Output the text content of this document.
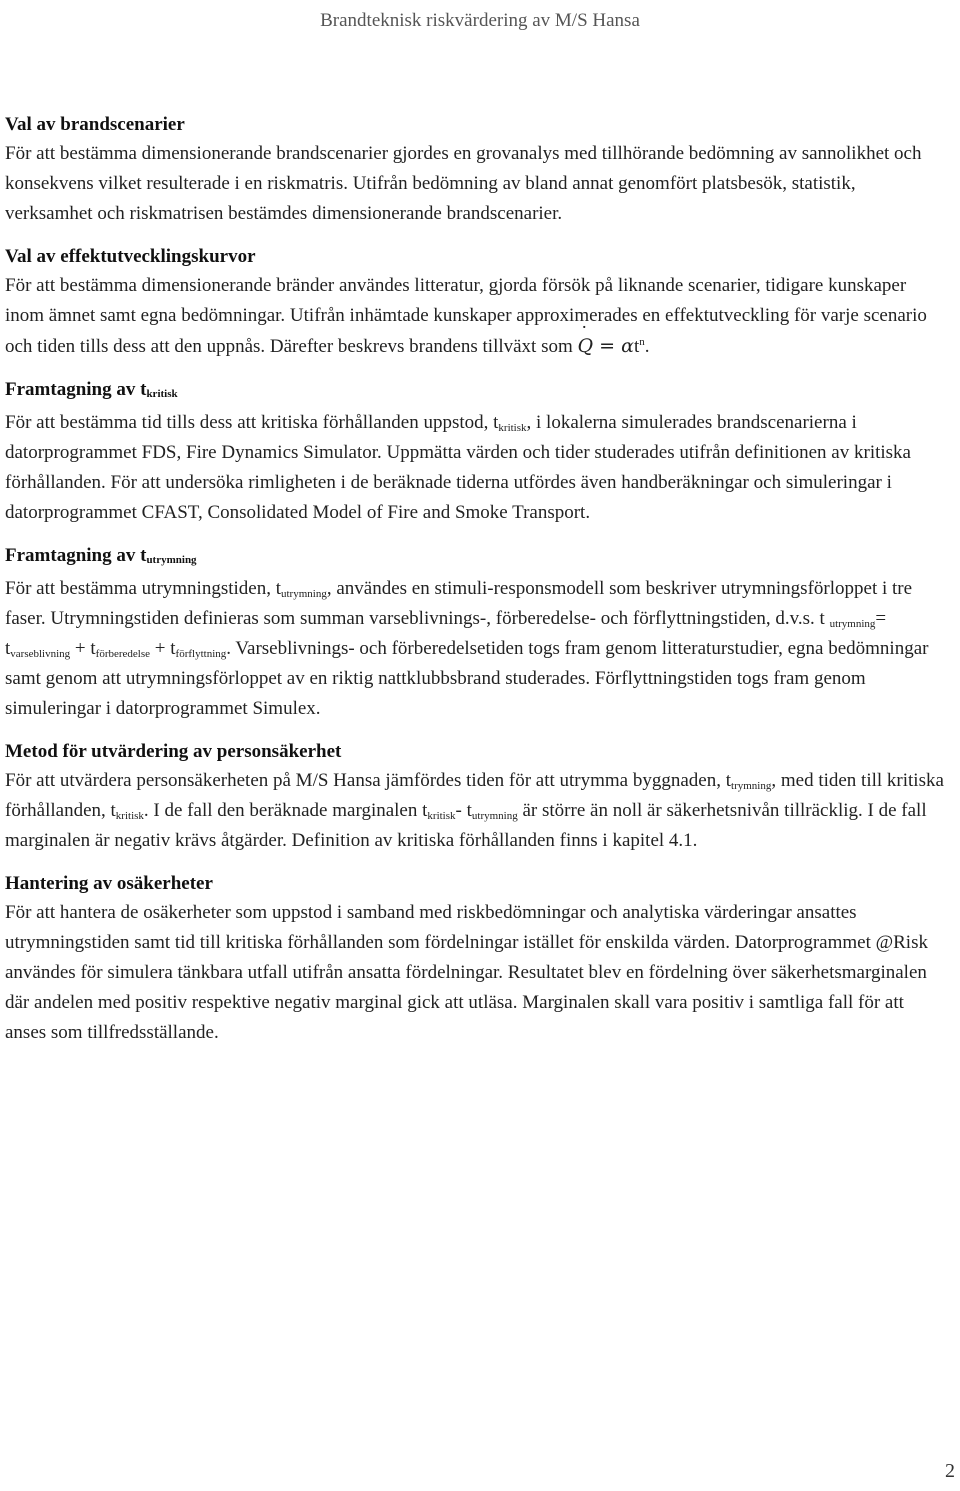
Brandteknisk riskvärdering av M/S Hansa

Val av brandscenarier

För att bestämma dimensionerande brandscenarier gjordes en grovanalys med tillhörande bedömning av sannolikhet och konsekvens vilket resulterade i en riskmatris. Utifrån bedömning av bland annat genomfört platsbesök, statistik, verksamhet och riskmatrisen bestämdes dimensionerande brandscenarier.

Val av effektutvecklingskurvor

För att bestämma dimensionerande bränder användes litteratur, gjorda försök på liknande scenarier, tidigare kunskaper inom ämnet samt egna bedömningar. Utifrån inhämtade kunskaper approximerades en effektutveckling för varje scenario och tiden tills dess att den uppnås. Därefter beskrevs brandens tillväxt som ˙ $Q = \alpha t^n$.

Framtagning av $t_{kritisk}$

För att bestämma tid tills dess att kritiska förhållanden uppstod, $t_{kritisk}$, i lokalerna simulerades brandscenarierna i datorprogrammet FDS, Fire Dynamics Simulator. Uppmätta värden och tider studerades utifrån definitionen av kritiska förhållanden. För att undersöka rimligheten i de beräknade tiderna utfördes även handberäkningar och simuleringar i datorprogrammet CFAST, Consolidated Model of Fire and Smoke Transport.

Framtagning av $t_{utrymning}$

För att bestämma utrymningstiden, $t_{utrymning}$, användes en stimuli-responsmodell som beskriver utrymningsförloppet i tre faser. Utrymningstiden definieras som summan varseblivnings-, förberedelse- och förflyttningstiden, d.v.s. t $_{utrymning}= t_{varseblivning} + t_{förberedelse} + t_{förflyttning}$. Varseblivnings- och förberedelsetiden togs fram genom litteraturstudier, egna bedömningar samt genom att utrymningsförloppet av en riktig nattklubbsbrand studerades. Förflyttningstiden togs fram genom simuleringar i datorprogrammet Simulex.

Metod för utvärdering av personsäkerhet

För att utvärdera personsäkerheten på M/S Hansa jämfördes tiden för att utrymma byggnaden, $t_{trymning}$, med tiden till kritiska förhållanden, $t_{kritisk}$. I de fall den beräknade marginalen $t_{kritisk}-$ $t_{utrymning}$ är större än noll är säkerhetsnivån tillräcklig. I de fall marginalen är negativ krävs åtgärder. Definition av kritiska förhållanden finns i kapitel 4.1.

Hantering av osäkerheter

För att hantera de osäkerheter som uppstod i samband med riskbedömningar och analytiska värderingar ansattes utrymningstiden samt tid till kritiska förhållanden som fördelningar istället för enskilda värden. Datorprogrammet @Risk användes för simulera tänkbara utfall utifrån ansatta fördelningar. Resultatet blev en fördelning över säkerhetsmarginalen där andelen med positiv respektive negativ marginal gick att utläsa. Marginalen skall vara positiv i samtliga fall för att anses som tillfredsställande.

2
